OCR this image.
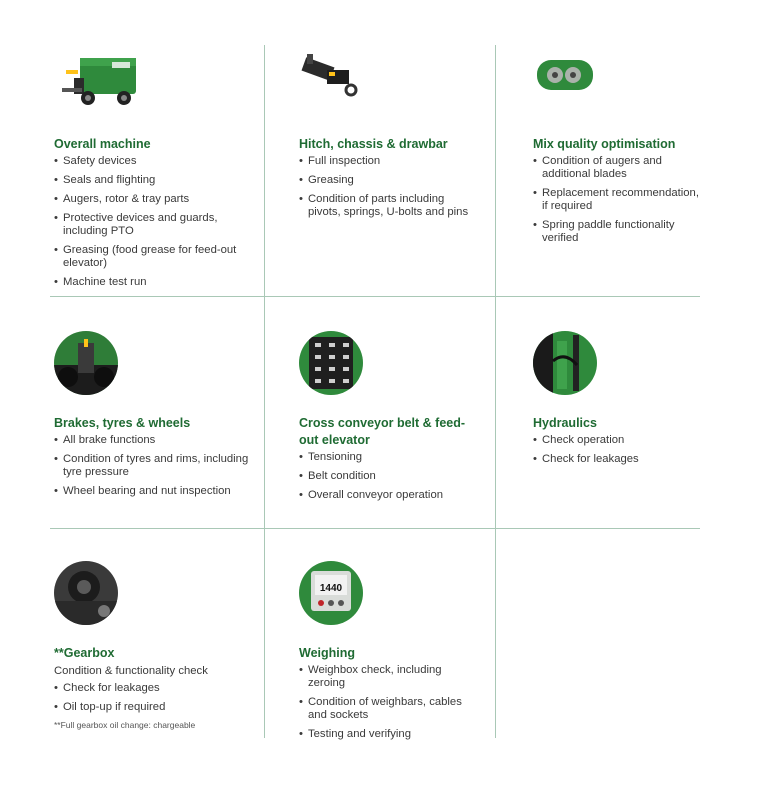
Overall machine
• Safety devices
• Seals and flighting
• Augers, rotor & tray parts
• Protective devices and guards, including PTO
• Greasing (food grease for feed-out elevator)
• Machine test run
Hitch, chassis & drawbar
• Full inspection
• Greasing
• Condition of parts including pivots, springs, U-bolts and pins
Mix quality optimisation
• Condition of augers and additional blades
• Replacement recommendation, if required
• Spring paddle functionality verified
Brakes, tyres & wheels
• All brake functions
• Condition of tyres and rims, including tyre pressure
• Wheel bearing and nut inspection
Cross conveyor belt & feed-out elevator
• Tensioning
• Belt condition
• Overall conveyor operation
Hydraulics
• Check operation
• Check for leakages
**Gearbox
Condition & functionality check
• Check for leakages
• Oil top-up if required
**Full gearbox oil change: chargeable
1440
Weighing
• Weighbox check, including zeroing
• Condition of weighbars, cables and sockets
• Testing and verifying
